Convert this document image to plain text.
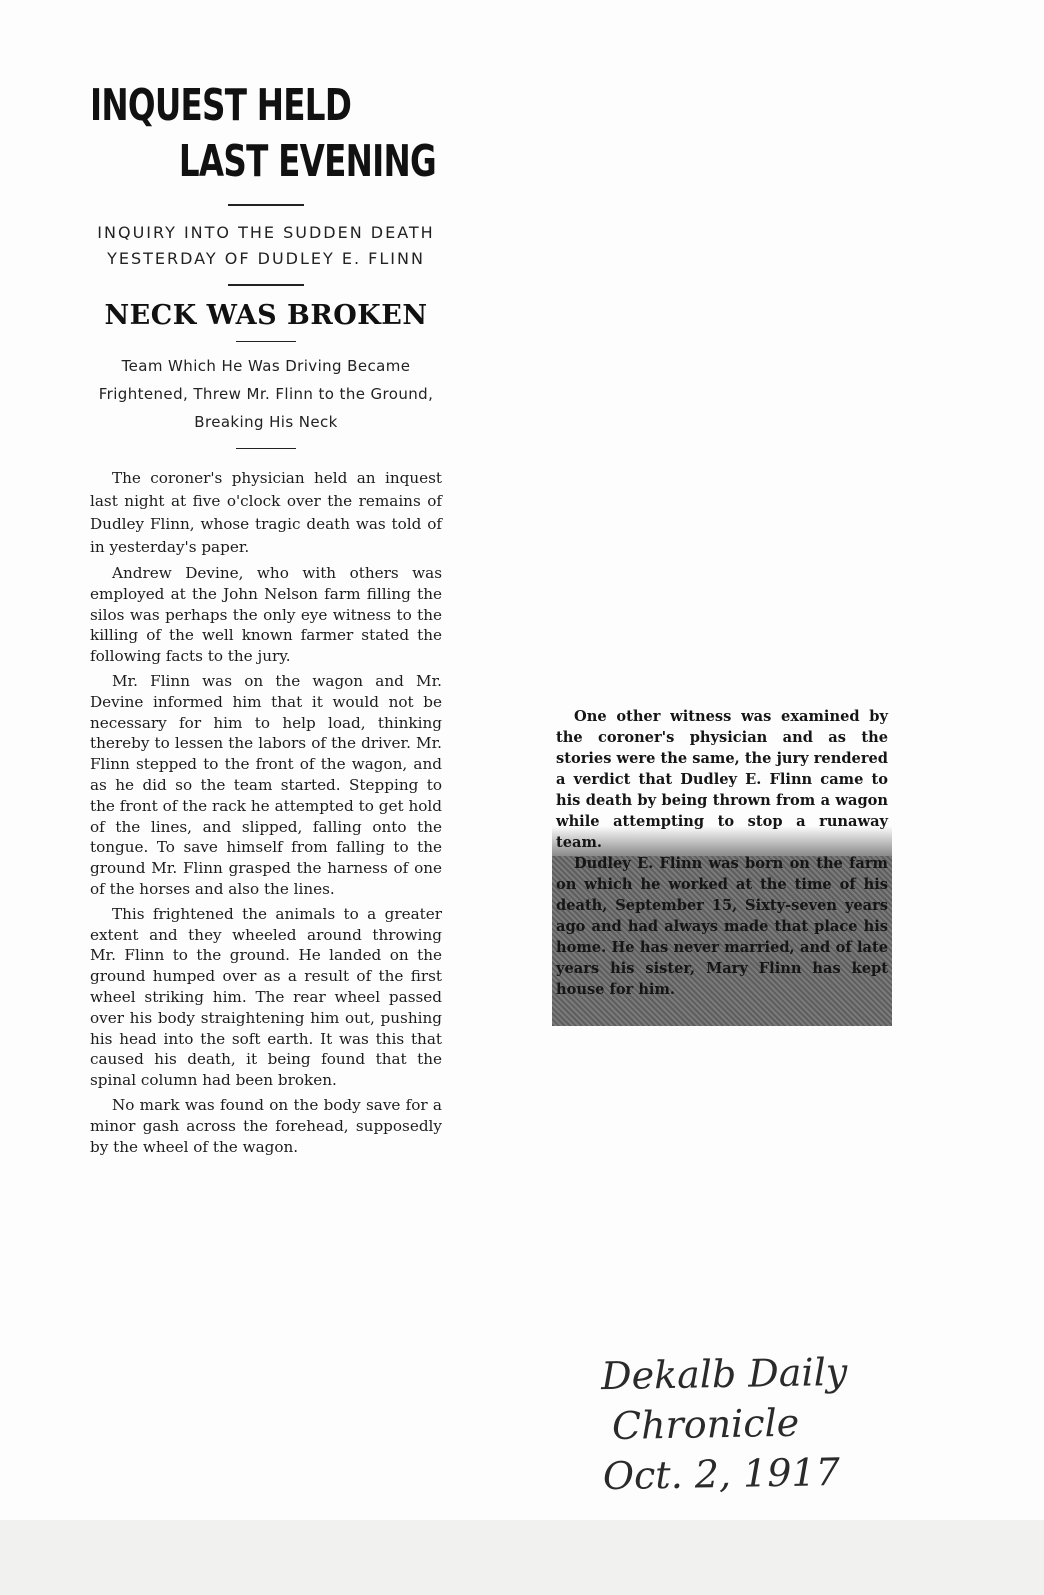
INQUEST HELD
LAST EVENING
INQUIRY INTO THE SUDDEN DEATH YESTERDAY OF DUDLEY E. FLINN
NECK WAS BROKEN
Team Which He Was Driving Became Frightened, Threw Mr. Flinn to the Ground, Breaking His Neck

The coroner's physician held an inquest last night at five o'clock over the remains of Dudley Flinn, whose tragic death was told of in yesterday's paper.

Andrew Devine, who with others was employed at the John Nelson farm filling the silos was perhaps the only eye witness to the killing of the well known farmer stated the following facts to the jury.

Mr. Flinn was on the wagon and Mr. Devine informed him that it would not be necessary for him to help load, thinking thereby to lessen the labors of the driver. Mr. Flinn stepped to the front of the wagon, and as he did so the team started. Stepping to the front of the rack he attempted to get hold of the lines, and slipped, falling onto the tongue. To save himself from falling to the ground Mr. Flinn grasped the harness of one of the horses and also the lines.

This frightened the animals to a greater extent and they wheeled around throwing Mr. Flinn to the ground. He landed on the ground humped over as a result of the first wheel striking him. The rear wheel passed over his body straightening him out, pushing his head into the soft earth. It was this that caused his death, it being found that the spinal column had been broken.

No mark was found on the body save for a minor gash across the forehead, supposedly by the wheel of the wagon.

One other witness was examined by the coroner's physician and as the stories were the same, the jury rendered a verdict that Dudley E. Flinn came to his death by being thrown from a wagon while attempting to stop a runaway team.

Dudley E. Flinn was born on the farm on which he worked at the time of his death, September 15, Sixty-seven years ago and had always made that place his home. He has never married, and of late years his sister, Mary Flinn has kept house for him.

Dekalb Daily
Chronicle
Oct. 2, 1917
